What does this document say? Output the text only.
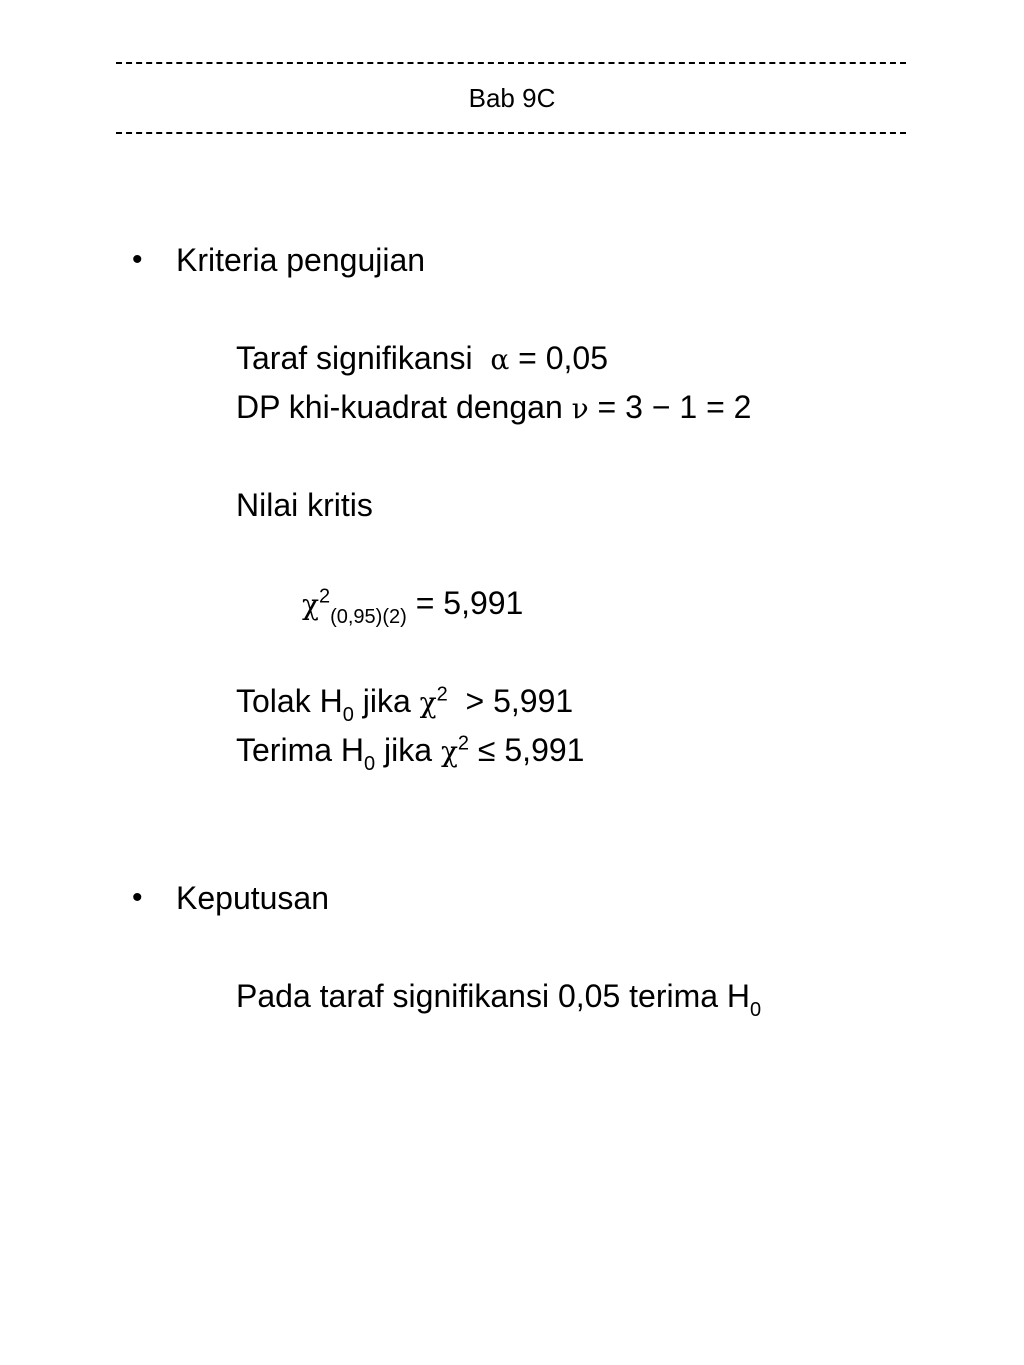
Bab 9C
• Kriteria pengujian
Taraf signifikansi α = 0,05
DP khi-kuadrat dengan ν = 3 − 1 = 2
Nilai kritis
$\chi^2_{(0,95)(2)} = 5,991$
Tolak $H_0$ jika $\chi^2 > 5,991$
Terima $H_0$ jika $\chi^2 \le 5,991$
• Keputusan
Pada taraf signifikansi 0,05 terima $H_0$
